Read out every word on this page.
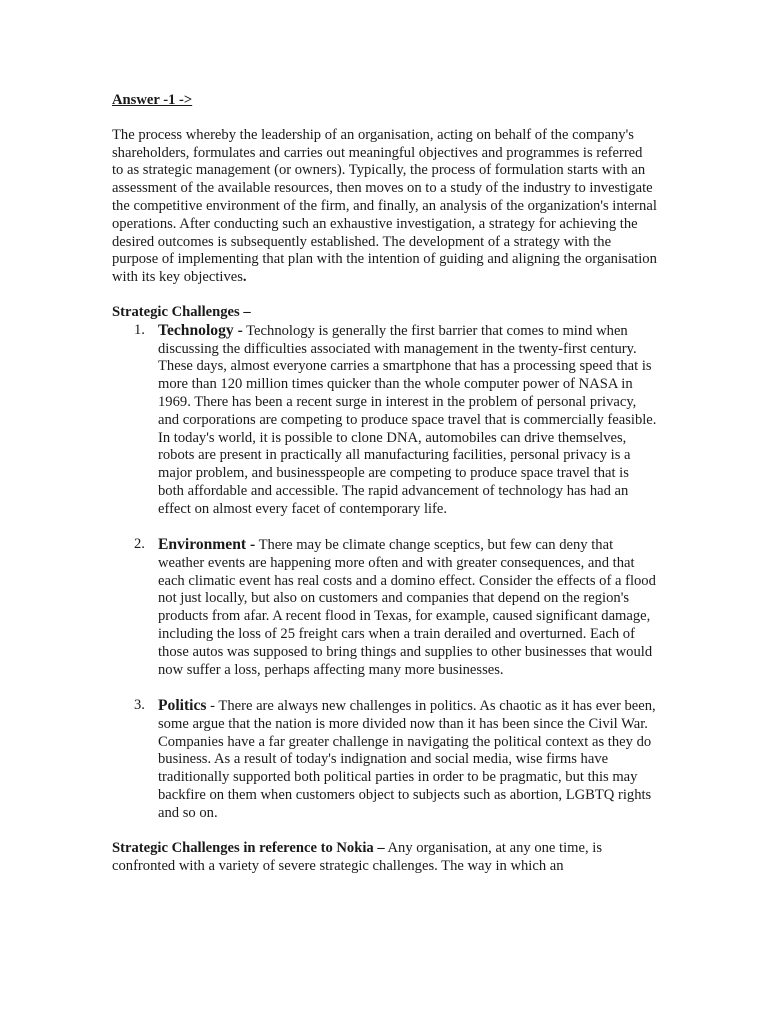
Answer -1 ->

The process whereby the leadership of an organisation, acting on behalf of the company's shareholders, formulates and carries out meaningful objectives and programmes is referred to as strategic management (or owners). Typically, the process of formulation starts with an assessment of the available resources, then moves on to a study of the industry to investigate the competitive environment of the firm, and finally, an analysis of the organization's internal operations. After conducting such an exhaustive investigation, a strategy for achieving the desired outcomes is subsequently established. The development of a strategy with the purpose of implementing that plan with the intention of guiding and aligning the organisation with its key objectives.

Strategic Challenges –

1. Technology - Technology is generally the first barrier that comes to mind when discussing the difficulties associated with management in the twenty-first century. These days, almost everyone carries a smartphone that has a processing speed that is more than 120 million times quicker than the whole computer power of NASA in 1969. There has been a recent surge in interest in the problem of personal privacy, and corporations are competing to produce space travel that is commercially feasible. In today's world, it is possible to clone DNA, automobiles can drive themselves, robots are present in practically all manufacturing facilities, personal privacy is a major problem, and businesspeople are competing to produce space travel that is both affordable and accessible. The rapid advancement of technology has had an effect on almost every facet of contemporary life.
2. Environment - There may be climate change sceptics, but few can deny that weather events are happening more often and with greater consequences, and that each climatic event has real costs and a domino effect. Consider the effects of a flood not just locally, but also on customers and companies that depend on the region's products from afar. A recent flood in Texas, for example, caused significant damage, including the loss of 25 freight cars when a train derailed and overturned. Each of those autos was supposed to bring things and supplies to other businesses that would now suffer a loss, perhaps affecting many more businesses.
3. Politics - There are always new challenges in politics. As chaotic as it has ever been, some argue that the nation is more divided now than it has been since the Civil War. Companies have a far greater challenge in navigating the political context as they do business. As a result of today's indignation and social media, wise firms have traditionally supported both political parties in order to be pragmatic, but this may backfire on them when customers object to subjects such as abortion, LGBTQ rights and so on.

Strategic Challenges in reference to Nokia – Any organisation, at any one time, is confronted with a variety of severe strategic challenges. The way in which an
